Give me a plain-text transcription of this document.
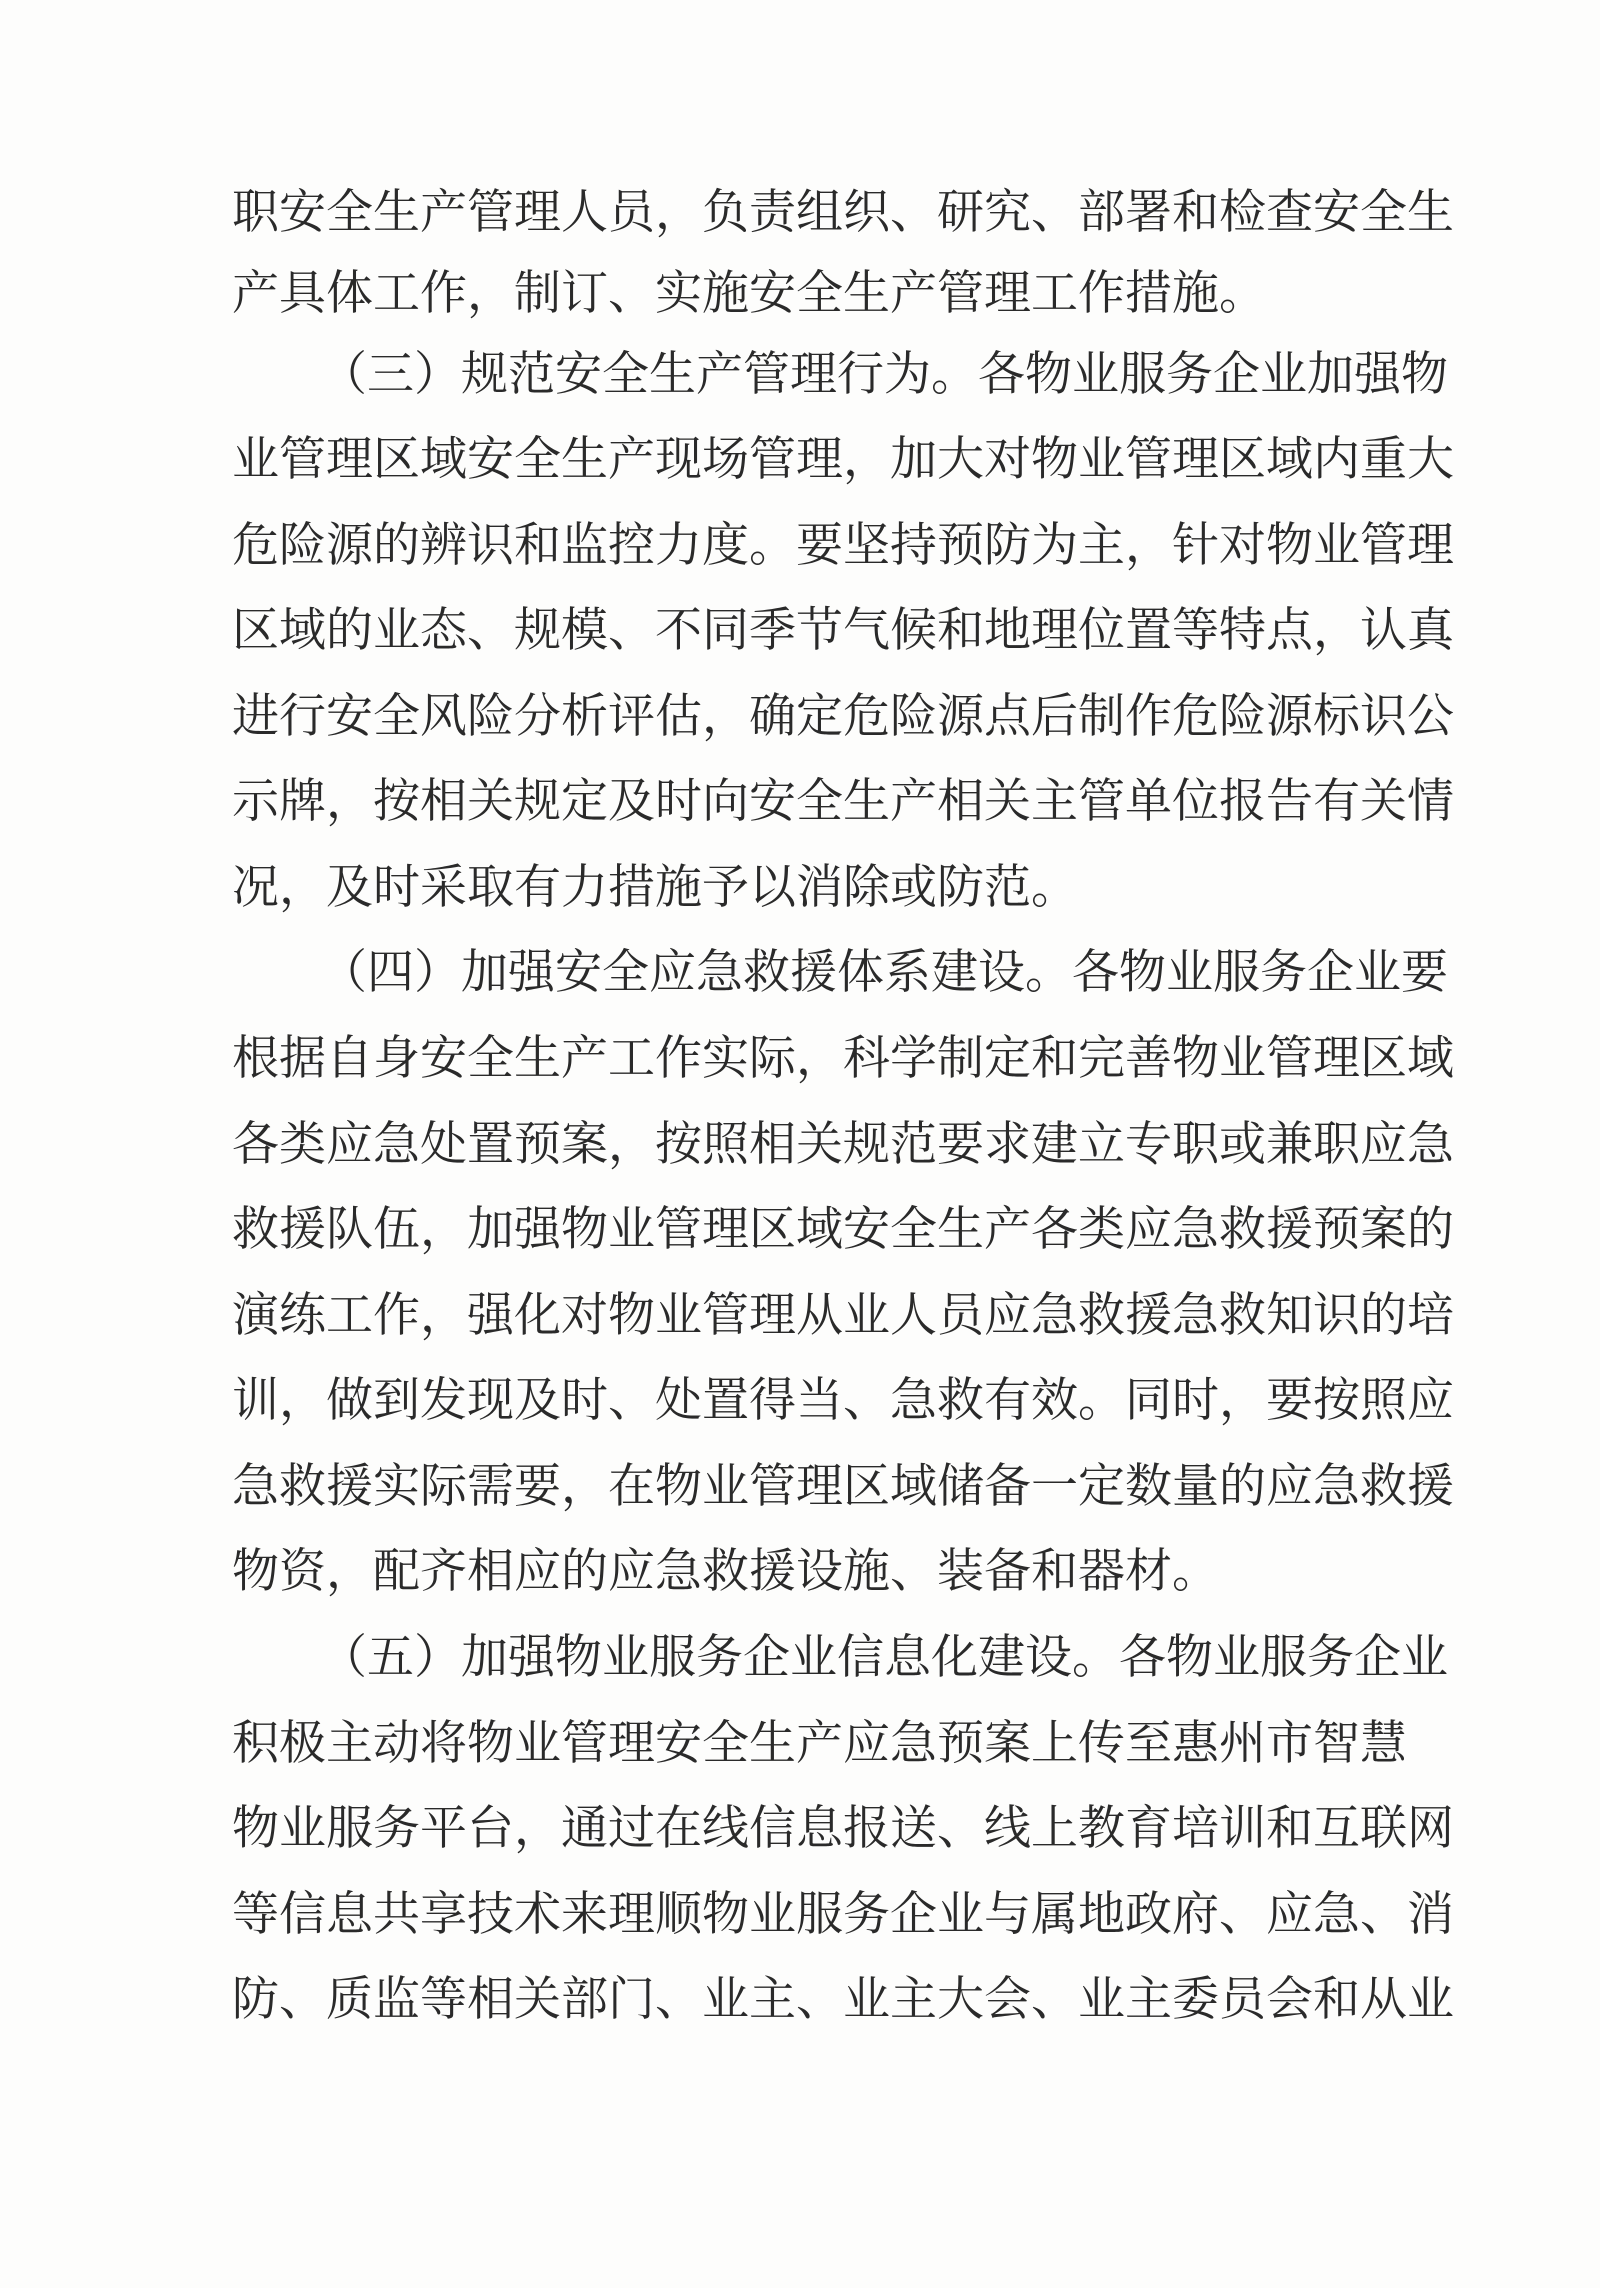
职安全生产管理人员，负责组织、研究、部署和检查安全生

产具体工作，制订、实施安全生产管理工作措施。

（三）规范安全生产管理行为。各物业服务企业加强物

业管理区域安全生产现场管理，加大对物业管理区域内重大

危险源的辨识和监控力度。要坚持预防为主，针对物业管理

区域的业态、规模、不同季节气候和地理位置等特点，认真

进行安全风险分析评估，确定危险源点后制作危险源标识公

示牌，按相关规定及时向安全生产相关主管单位报告有关情

况，及时采取有力措施予以消除或防范。

（四）加强安全应急救援体系建设。各物业服务企业要

根据自身安全生产工作实际，科学制定和完善物业管理区域

各类应急处置预案，按照相关规范要求建立专职或兼职应急

救援队伍，加强物业管理区域安全生产各类应急救援预案的

演练工作，强化对物业管理从业人员应急救援急救知识的培

训，做到发现及时、处置得当、急救有效。同时，要按照应

急救援实际需要，在物业管理区域储备一定数量的应急救援

物资，配齐相应的应急救援设施、装备和器材。

（五）加强物业服务企业信息化建设。各物业服务企业

积极主动将物业管理安全生产应急预案上传至惠州市智慧

物业服务平台，通过在线信息报送、线上教育培训和互联网

等信息共享技术来理顺物业服务企业与属地政府、应急、消

防、质监等相关部门、业主、业主大会、业主委员会和从业
